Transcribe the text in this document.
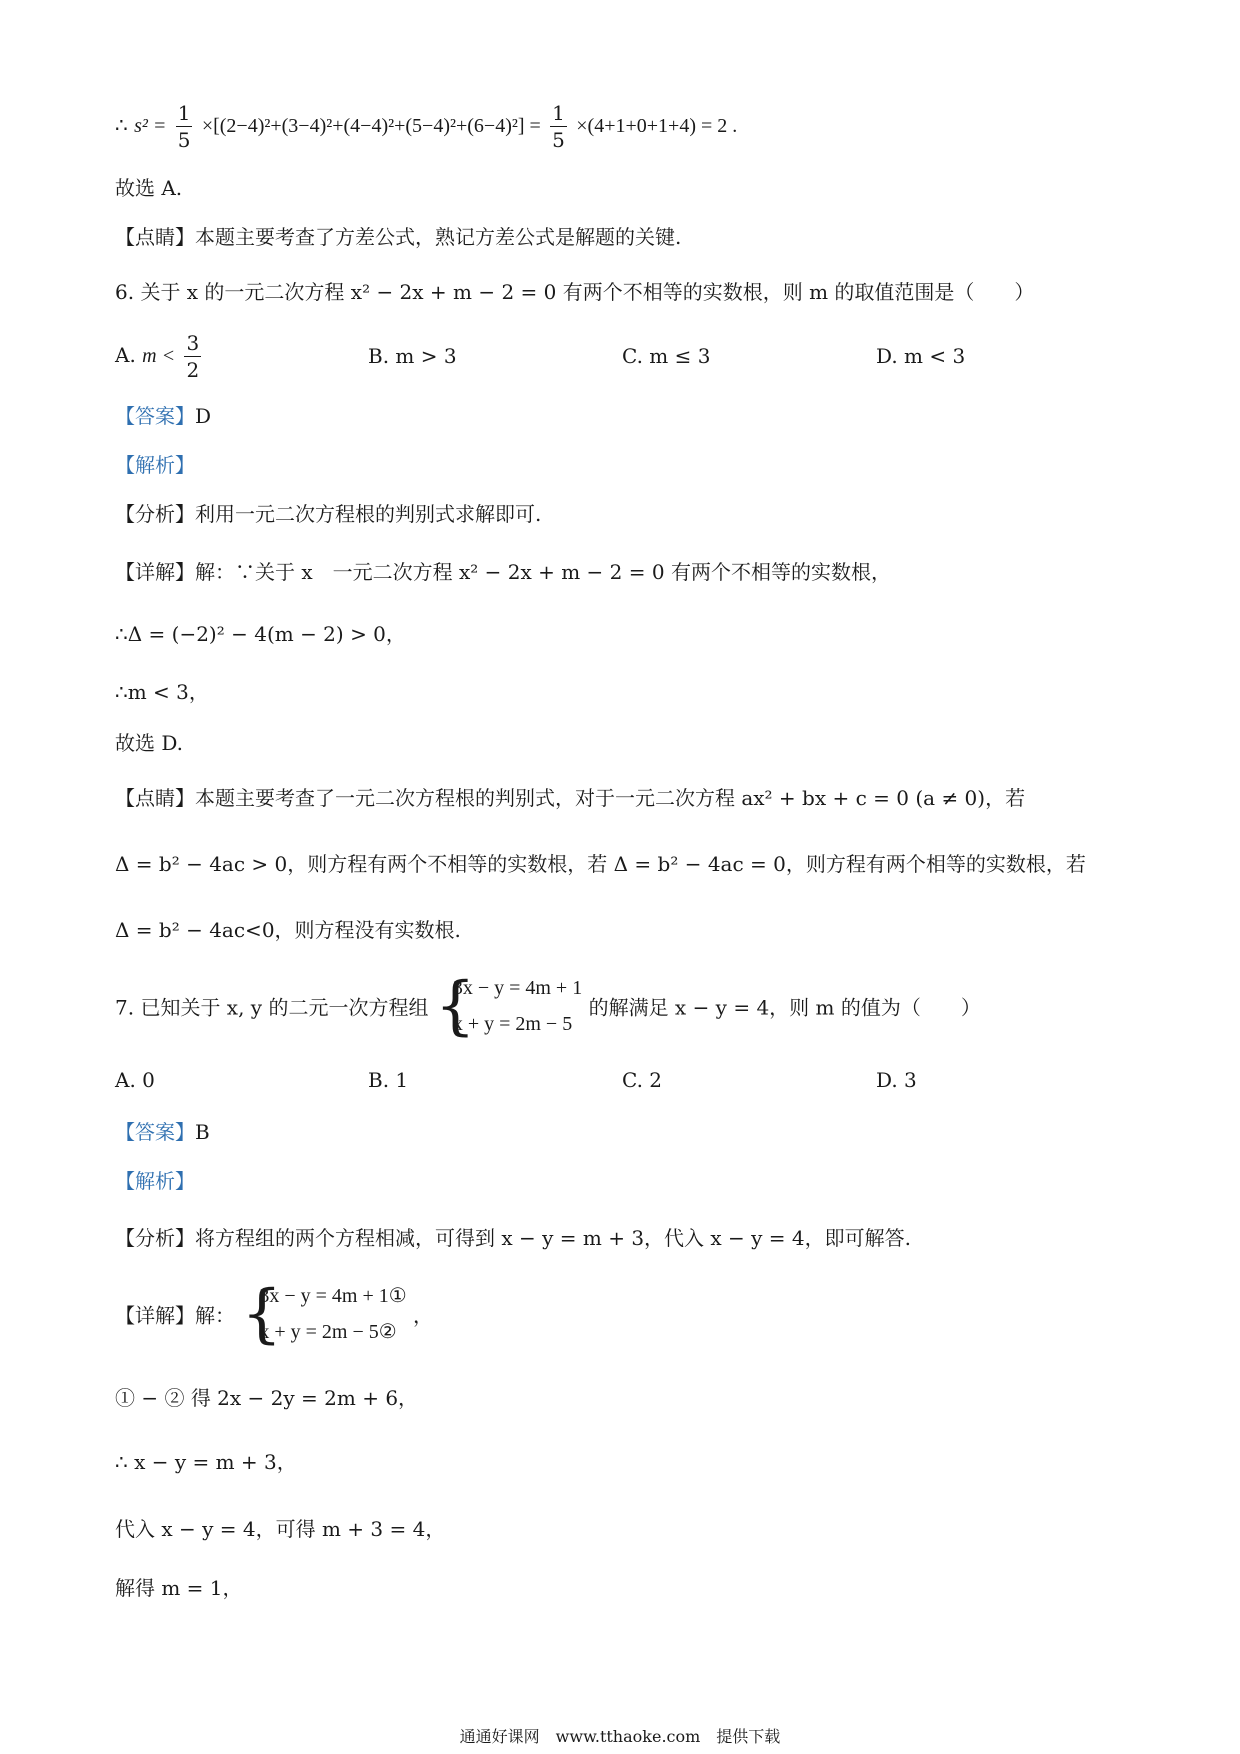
∴ $s^2 = \frac{1}{5} \times[(2-4)^2+(3-4)^2+(4-4)^2+(5-4)^2+(6-4)^2] = \frac{1}{5} \times(4+1+0+1+4) = 2$ .
故选 A.
【点睛】本题主要考查了方差公式，熟记方差公式是解题的关键.
6. 关于 x 的一元二次方程 x² − 2x + m − 2 = 0 有两个不相等的实数根，则 m 的取值范围是（　　）
A. $m < \frac{3}{2}$	B. m > 3	C. m ≤ 3	D. m < 3
【答案】D
【解析】
【分析】利用一元二次方程根的判别式求解即可.
【详解】解：∵关于 x　一元二次方程 x² − 2x + m − 2 = 0 有两个不相等的实数根，
∴Δ = (−2)² − 4(m − 2) > 0，
∴m < 3，
故选 D.
【点睛】本题主要考查了一元二次方程根的判别式，对于一元二次方程 ax² + bx + c = 0 (a ≠ 0)，若
Δ = b² − 4ac > 0，则方程有两个不相等的实数根，若 Δ = b² − 4ac = 0，则方程有两个相等的实数根，若
Δ = b² − 4ac<0，则方程没有实数根.
7. 已知关于 x, y 的二元一次方程组 {
3x − y = 4m + 1
x + y = 2m − 5
的解满足 x − y = 4，则 m 的值为（　　）
A. 0	B. 1	C. 2	D. 3
【答案】B
【解析】
【分析】将方程组的两个方程相减，可得到 x − y = m + 3，代入 x − y = 4，即可解答.
【详解】解： {
3x − y = 4m + 1①
x + y = 2m − 5②
，
① − ② 得 2x − 2y = 2m + 6，
∴ x − y = m + 3，
代入 x − y = 4，可得 m + 3 = 4，
解得 m = 1，
通通好课网　www.tthaoke.com　提供下载
